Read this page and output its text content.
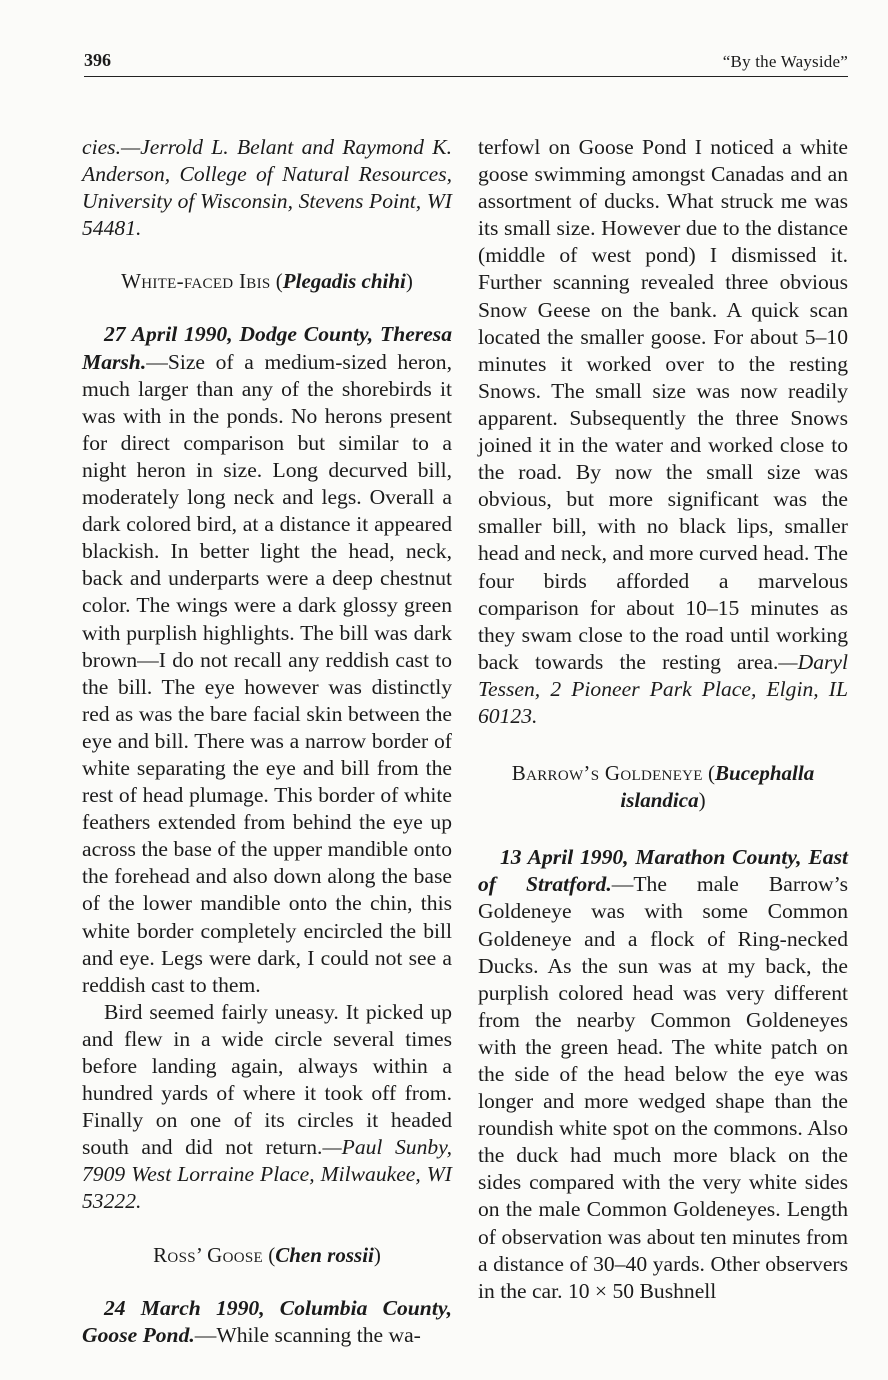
396	“By the Wayside”

cies.—Jerrold L. Belant and Raymond K. Anderson, College of Natural Resources, University of Wisconsin, Stevens Point, WI 54481.

White-faced Ibis (Plegadis chihi)

27 April 1990, Dodge County, Theresa Marsh.—Size of a medium-sized heron, much larger than any of the shorebirds it was with in the ponds. No herons present for direct comparison but similar to a night heron in size. Long decurved bill, moderately long neck and legs. Overall a dark colored bird, at a distance it appeared blackish. In better light the head, neck, back and underparts were a deep chestnut color. The wings were a dark glossy green with purplish highlights. The bill was dark brown—I do not recall any reddish cast to the bill. The eye however was distinctly red as was the bare facial skin between the eye and bill. There was a narrow border of white separating the eye and bill from the rest of head plumage. This border of white feathers extended from behind the eye up across the base of the upper mandible onto the forehead and also down along the base of the lower mandible onto the chin, this white border completely encircled the bill and eye. Legs were dark, I could not see a reddish cast to them.

Bird seemed fairly uneasy. It picked up and flew in a wide circle several times before landing again, always within a hundred yards of where it took off from. Finally on one of its circles it headed south and did not return.—Paul Sunby, 7909 West Lorraine Place, Milwaukee, WI 53222.

Ross’ Goose (Chen rossii)

24 March 1990, Columbia County, Goose Pond.—While scanning the wa-

terfowl on Goose Pond I noticed a white goose swimming amongst Canadas and an assortment of ducks. What struck me was its small size. However due to the distance (middle of west pond) I dismissed it. Further scanning revealed three obvious Snow Geese on the bank. A quick scan located the smaller goose. For about 5–10 minutes it worked over to the resting Snows. The small size was now readily apparent. Subsequently the three Snows joined it in the water and worked close to the road. By now the small size was obvious, but more significant was the smaller bill, with no black lips, smaller head and neck, and more curved head. The four birds afforded a marvelous comparison for about 10–15 minutes as they swam close to the road until working back towards the resting area.—Daryl Tessen, 2 Pioneer Park Place, Elgin, IL 60123.

Barrow’s Goldeneye (Bucephalla islandica)

13 April 1990, Marathon County, East of Stratford.—The male Barrow’s Goldeneye was with some Common Goldeneye and a flock of Ring-necked Ducks. As the sun was at my back, the purplish colored head was very different from the nearby Common Goldeneyes with the green head. The white patch on the side of the head below the eye was longer and more wedged shape than the roundish white spot on the commons. Also the duck had much more black on the sides compared with the very white sides on the male Common Goldeneyes. Length of observation was about ten minutes from a distance of 30–40 yards. Other observers in the car. 10 × 50 Bushnell
